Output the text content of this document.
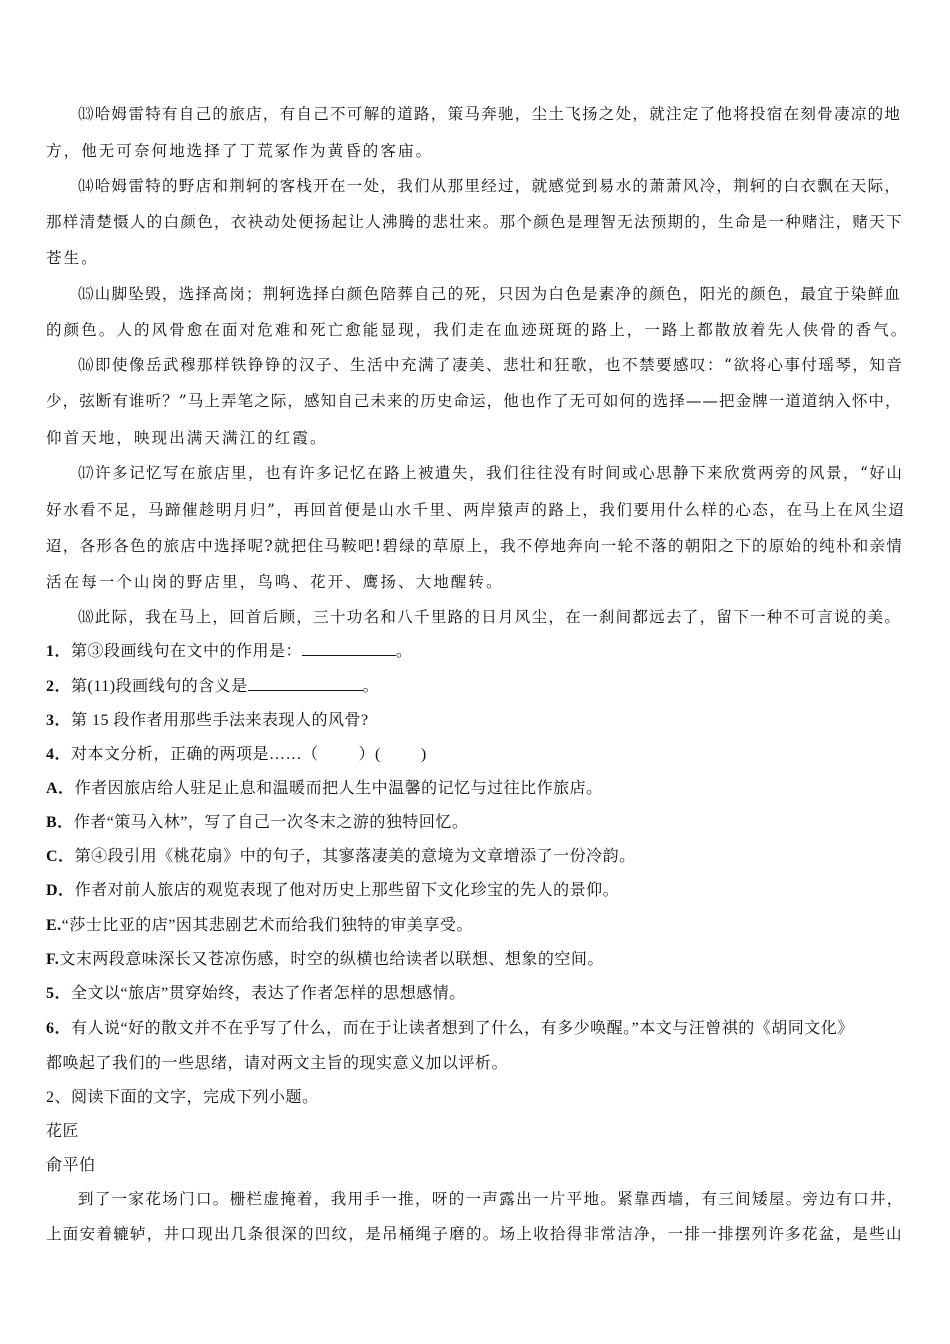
⒀哈姆雷特有自己的旅店，有自己不可解的道路，策马奔驰，尘土飞扬之处，就注定了他将投宿在刻骨凄凉的地
方，他无可奈何地选择了丁荒冢作为黄昏的客庙。
⒁哈姆雷特的野店和荆轲的客栈开在一处，我们从那里经过，就感觉到易水的萧萧风冷，荆轲的白衣飘在天际，
那样清楚慑人的白颜色，衣袂动处便扬起让人沸腾的悲壮来。那个颜色是理智无法预期的，生命是一种赌注，赌天下
苍生。
⒂山脚坠毁，选择高岗；荆轲选择白颜色陪葬自己的死，只因为白色是素净的颜色，阳光的颜色，最宜于染鲜血
的颜色。人的风骨愈在面对危难和死亡愈能显现，我们走在血迹斑斑的路上，一路上都散放着先人侠骨的香气。
⒃即使像岳武穆那样铁铮铮的汉子、生活中充满了凄美、悲壮和狂歌，也不禁要感叹：“欲将心事付瑶琴，知音
少，弦断有谁听？”马上弄笔之际，感知自己未来的历史命运，他也作了无可如何的选择——把金牌一道道纳入怀中，
仰首天地，映现出满天满江的红霞。
⒄许多记忆写在旅店里，也有许多记忆在路上被遺失，我们往往没有时间或心思静下来欣赏两旁的风景，“好山
好水看不足，马蹄催趁明月归”，再回首便是山水千里、两岸猿声的路上，我们要用什么样的心态，在马上在风尘迢
迢，各形各色的旅店中选择呢?就把住马鞍吧!碧绿的草原上，我不停地奔向一轮不落的朝阳之下的原始的纯朴和亲情
活在每一个山岗的野店里，鸟鸣、花开、鹰扬、大地醒转。
⒅此际，我在马上，回首后顾，三十功名和八千里路的日月风尘，在一刹间都远去了，留下一种不可言说的美。
1．第③段画线句在文中的作用是：	。
2．第(11)段画线句的含义是	。
3．第 15 段作者用那些手法来表现人的风骨?
4．对本文分析，正确的两项是……（	）(	)
A．作者因旅店给人驻足止息和温暖而把人生中温馨的记忆与过往比作旅店。
B．作者“策马入林”，写了自己一次冬末之游的独特回忆。
C．第④段引用《桃花扇》中的句子，其寥落凄美的意境为文章增添了一份冷韵。
D．作者对前人旅店的观览表现了他对历史上那些留下文化珍宝的先人的景仰。
E.“莎士比亚的店”因其悲剧艺术而给我们独特的审美享受。
F.文末两段意味深长又苍凉伤感，时空的纵横也给读者以联想、想象的空间。
5．全文以“旅店”贯穿始终，表达了作者怎样的思想感情。
6．有人说“好的散文并不在乎写了什么，而在于让读者想到了什么，有多少唤醒。”本文与汪曾祺的《胡同文化》
都唤起了我们的一些思绪，请对两文主旨的现实意义加以评析。
2、阅读下面的文字，完成下列小题。
花匠
俞平伯
到了一家花场门口。栅栏虚掩着，我用手一推，呀的一声露出一片平地。紧靠西墙，有三间矮屋。旁边有口井，
上面安着辘轳，井口现出几条很深的凹纹，是吊桶绳子磨的。场上收拾得非常洁净，一排一排摆列许多花盆，是些山
